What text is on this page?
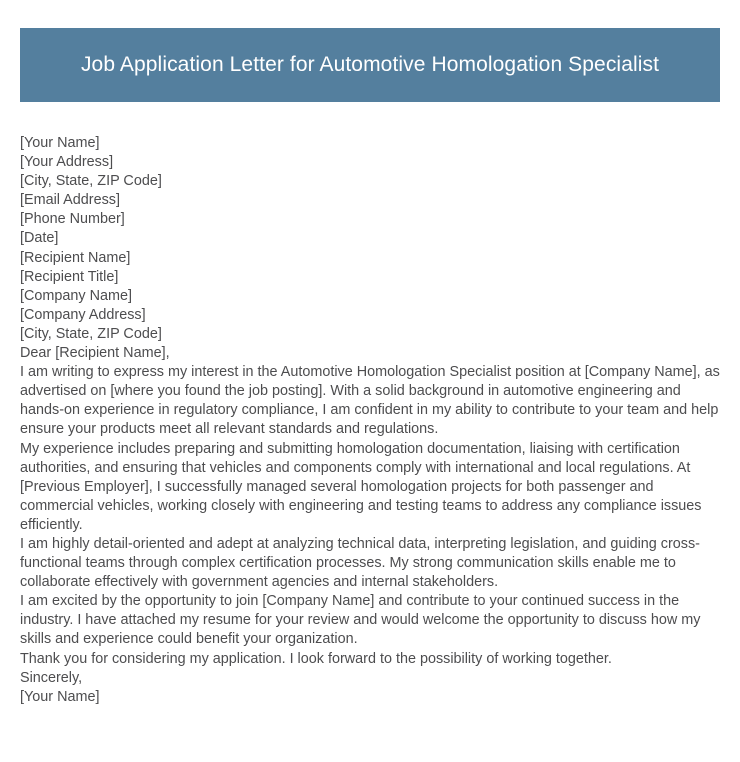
Job Application Letter for Automotive Homologation Specialist
[Your Name]
[Your Address]
[City, State, ZIP Code]
[Email Address]
[Phone Number]
[Date]
[Recipient Name]
[Recipient Title]
[Company Name]
[Company Address]
[City, State, ZIP Code]
Dear [Recipient Name],
I am writing to express my interest in the Automotive Homologation Specialist position at [Company Name], as advertised on [where you found the job posting]. With a solid background in automotive engineering and hands-on experience in regulatory compliance, I am confident in my ability to contribute to your team and help ensure your products meet all relevant standards and regulations.
My experience includes preparing and submitting homologation documentation, liaising with certification authorities, and ensuring that vehicles and components comply with international and local regulations. At [Previous Employer], I successfully managed several homologation projects for both passenger and commercial vehicles, working closely with engineering and testing teams to address any compliance issues efficiently.
I am highly detail-oriented and adept at analyzing technical data, interpreting legislation, and guiding cross-functional teams through complex certification processes. My strong communication skills enable me to collaborate effectively with government agencies and internal stakeholders.
I am excited by the opportunity to join [Company Name] and contribute to your continued success in the industry. I have attached my resume for your review and would welcome the opportunity to discuss how my skills and experience could benefit your organization.
Thank you for considering my application. I look forward to the possibility of working together.
Sincerely,
[Your Name]
